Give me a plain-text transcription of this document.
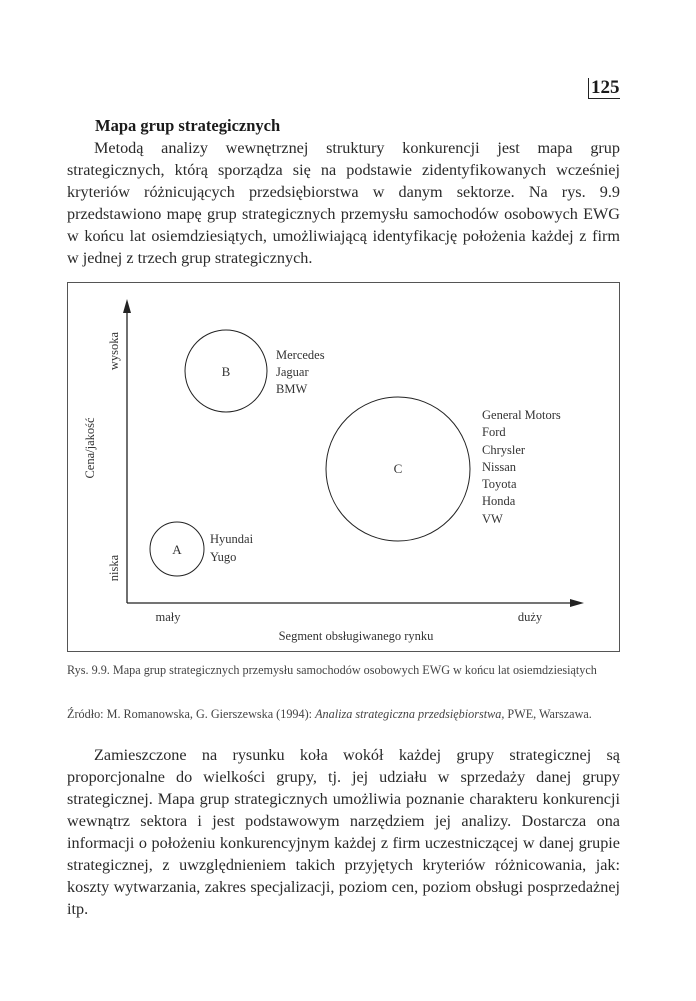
125
Mapa grup strategicznych

Metodą analizy wewnętrznej struktury konkurencji jest mapa grup strategicznych, którą sporządza się na podstawie zidentyfikowanych wcześniej kryteriów różnicujących przedsiębiorstwa w danym sektorze. Na rys. 9.9 przedstawiono mapę grup strategicznych przemysłu samochodów osobowych EWG w końcu lat osiemdziesiątych, umożliwiającą identyfikację położenia każdej z firm w jednej z trzech grup strategicznych.

wysoka
Cena/jakość
niska
mały	duży
Segment obsługiwanego rynku
B
Mercedes
Jaguar
BMW
C
General Motors
Ford
Chrysler
Nissan
Toyota
Honda
VW
A
Hyundai
Yugo

Rys. 9.9. Mapa grup strategicznych przemysłu samochodów osobowych EWG w końcu lat osiemdziesiątych

Źródło: M. Romanowska, G. Gierszewska (1994): Analiza strategiczna przedsiębiorstwa, PWE, Warszawa.

Zamieszczone na rysunku koła wokół każdej grupy strategicznej są proporcjonalne do wielkości grupy, tj. jej udziału w sprzedaży danej grupy strategicznej. Mapa grup strategicznych umożliwia poznanie charakteru konkurencji wewnątrz sektora i jest podstawowym narzędziem jej analizy. Dostarcza ona informacji o położeniu konkurencyjnym każdej z firm uczestniczącej w danej grupie strategicznej, z uwzględnieniem takich przyjętych kryteriów różnicowania, jak: koszty wytwarzania, zakres specjalizacji, poziom cen, poziom obsługi posprzedażnej itp.
